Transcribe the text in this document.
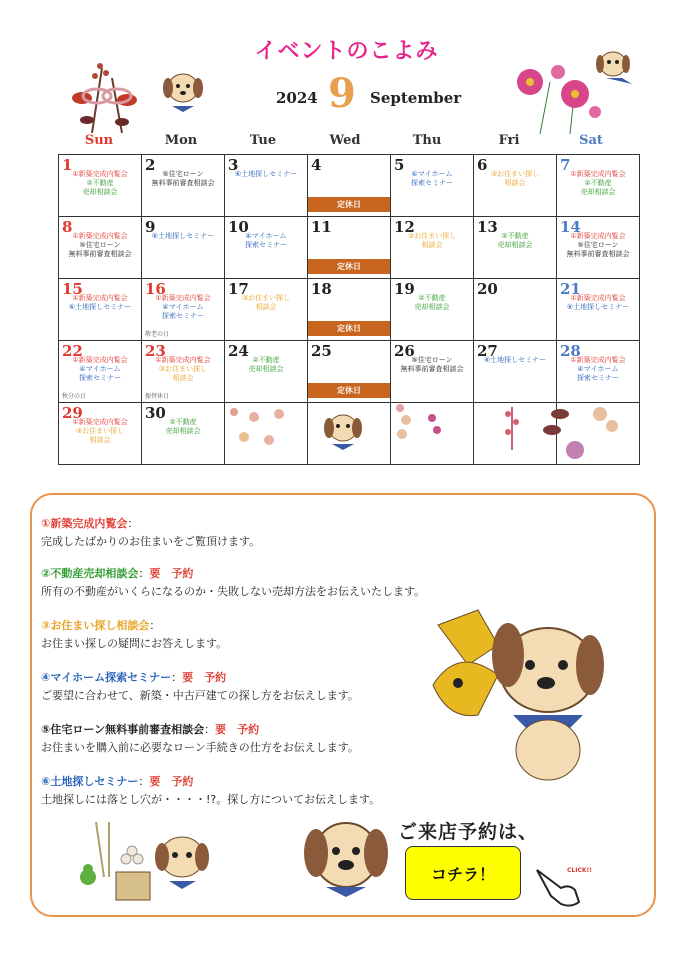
イベントのこよみ
2024 9 September
Sun	Mon	Tue	Wed	Thu	Fri	Sat
1 ①新築完成内覧会
②不動産
売却相談会	2 ⑤住宅ローン
無料事前審査相談会	3
⑥土地探しセミナー	4
定休日	5 ④マイホーム
探索セミナー	6 ③お住まい探し
相談会	7 ①新築完成内覧会
②不動産
売却相談会

8 ①新築完成内覧会
⑤住宅ローン
無料事前審査相談会	9
⑥土地探しセミナー	10
④マイホーム
探索セミナー	11
定休日	12
③お住まい探し
相談会	13 ②不動産
売却相談会	14
①新築完成内覧会
⑤住宅ローン
無料事前審査相談会

15
①新築完成内覧会
⑥土地探しセミナー	16
①新築完成内覧会
④マイホーム
探索セミナー
敬老の日	17
③お住まい探し
相談会	18
定休日	19 ②不動産
売却相談会	20	21
①新築完成内覧会
⑥土地探しセミナー

22
①新築完成内覧会
④マイホーム
探索セミナー
秋分の日	23
①新築完成内覧会
③お住まい探し
相談会
振替休日	24 ②不動産
売却相談会	25
定休日	26
⑤住宅ローン
無料事前審査相談会	27
⑥土地探しセミナー	28
①新築完成内覧会
④マイホーム
探索セミナー

29
①新築完成内覧会
③お住まい探し
相談会	30 ②不動産
売却相談会					

①新築完成内覧会：
完成したばかりのお住まいをご覧頂けます。
②不動産売却相談会：要　予約
所有の不動産がいくらになるのか・失敗しない売却方法をお伝えいたします。
③お住まい探し相談会：
お住まい探しの疑問にお答えします。
④マイホーム探索セミナー：要　予約
ご要望に合わせて、新築・中古戸建ての探し方をお伝えします。
⑤住宅ローン無料事前審査相談会：要　予約
お住まいを購入前に必要なローン手続きの仕方をお伝えします。
⑥土地探しセミナー：要　予約
土地探しには落とし穴が・・・・!?。探し方についてお伝えします。
ご来店予約は、
コチラ！	CLICK!!
